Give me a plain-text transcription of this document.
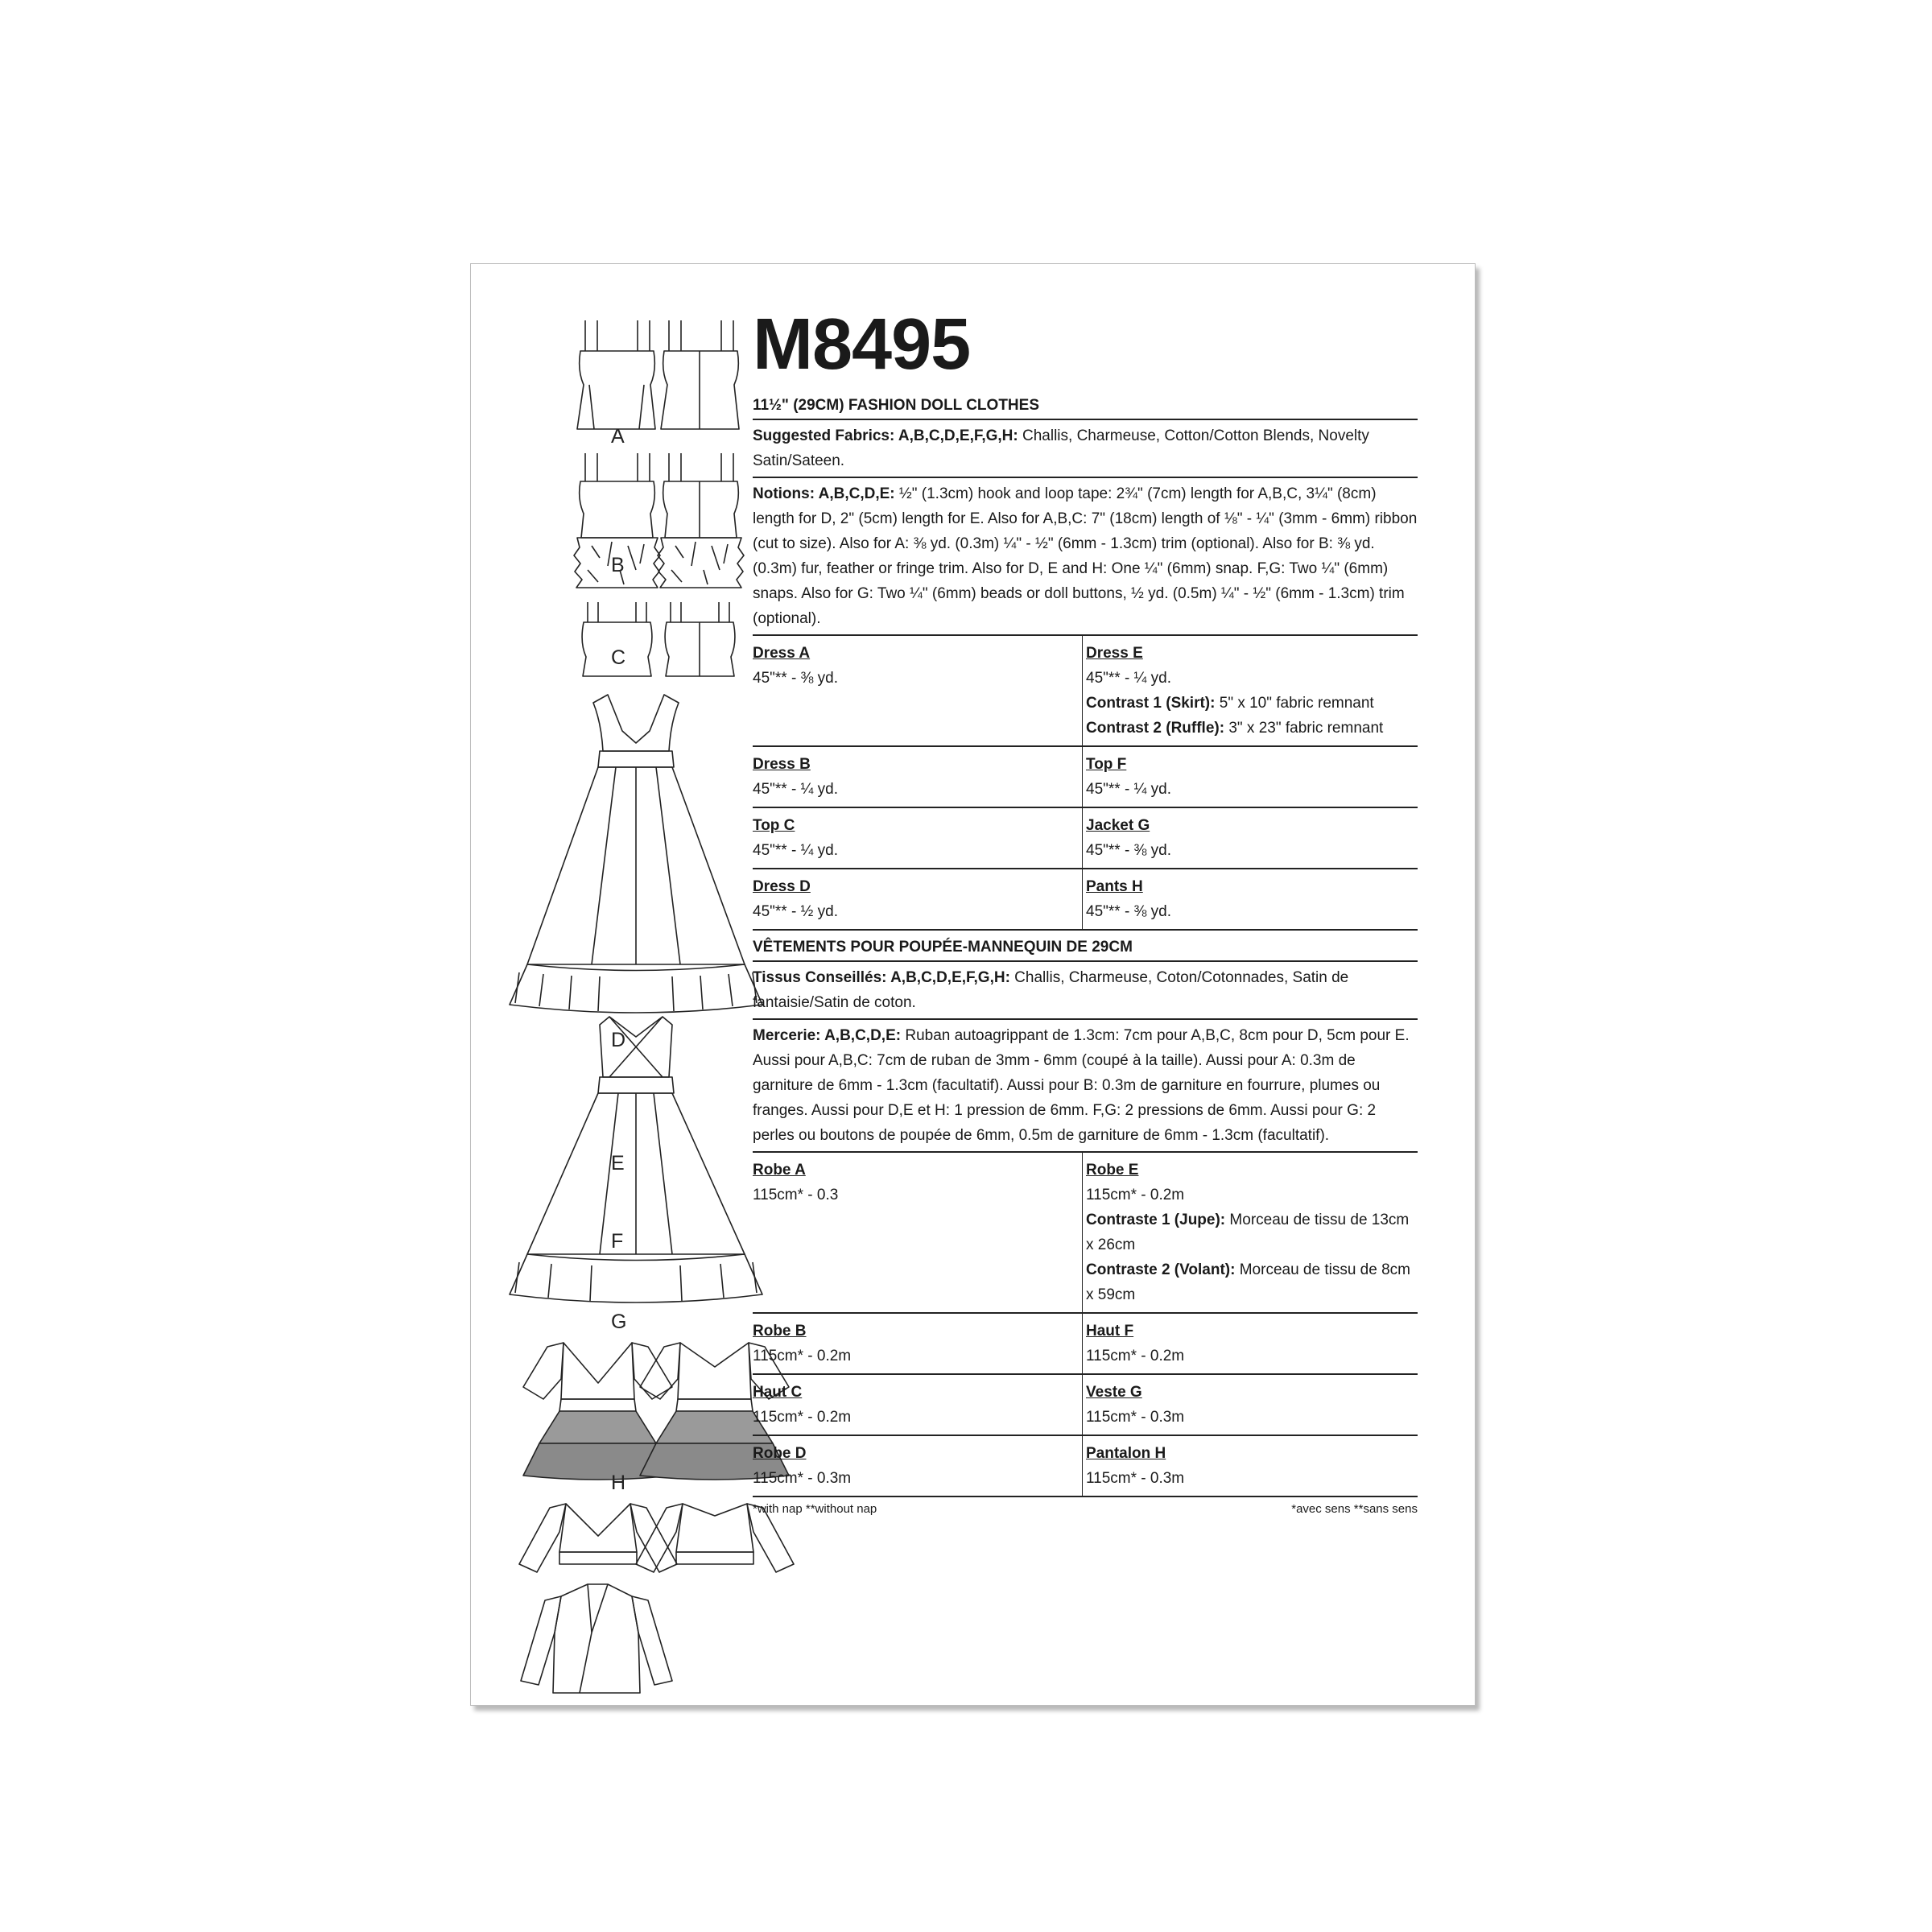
A
B
C
D
E
F
G
H
M8495
11½" (29CM) FASHION DOLL CLOTHES
Suggested Fabrics: A,B,C,D,E,F,G,H: Challis, Charmeuse, Cotton/Cotton Blends, Novelty Satin/Sateen.
Notions: A,B,C,D,E: ½" (1.3cm) hook and loop tape: 2¾" (7cm) length for A,B,C, 3¼" (8cm) length for D, 2" (5cm) length for E. Also for A,B,C: 7" (18cm) length of ⅛" - ¼" (3mm - 6mm) ribbon (cut to size). Also for A: ⅜ yd. (0.3m) ¼" - ½" (6mm - 1.3cm) trim (optional). Also for B: ⅜ yd. (0.3m) fur, feather or fringe trim. Also for D, E and H: One ¼" (6mm) snap. F,G: Two ¼" (6mm) snaps. Also for G: Two ¼" (6mm) beads or doll buttons, ½ yd. (0.5m) ¼" - ½" (6mm - 1.3cm) trim (optional).
Dress A
45"** - ⅜ yd.
Dress E
45"** - ¼ yd.
Contrast 1 (Skirt): 5" x 10" fabric remnant
Contrast 2 (Ruffle): 3" x 23" fabric remnant
Dress B
45"** - ¼ yd.
Top F
45"** - ¼ yd.
Top C
45"** - ¼ yd.
Jacket G
45"** - ⅜ yd.
Dress D
45"** - ½ yd.
Pants H
45"** - ⅜ yd.
VÊTEMENTS POUR POUPÉE-MANNEQUIN DE 29CM
Tissus Conseillés: A,B,C,D,E,F,G,H: Challis, Charmeuse, Coton/Cotonnades, Satin de fantaisie/Satin de coton.
Mercerie: A,B,C,D,E: Ruban autoagrippant de 1.3cm: 7cm pour A,B,C, 8cm pour D, 5cm pour E. Aussi pour A,B,C: 7cm de ruban de 3mm - 6mm (coupé à la taille). Aussi pour A: 0.3m de garniture de 6mm - 1.3cm (facultatif). Aussi pour B: 0.3m de garniture en fourrure, plumes ou franges. Aussi pour D,E et H: 1 pression de 6mm. F,G: 2 pressions de 6mm. Aussi pour G: 2 perles ou boutons de poupée de 6mm, 0.5m de garniture de 6mm - 1.3cm (facultatif).
Robe A
115cm* - 0.3
Robe E
115cm* - 0.2m
Contraste 1 (Jupe): Morceau de tissu de 13cm x 26cm
Contraste 2 (Volant): Morceau de tissu de 8cm x 59cm
Robe B
115cm* - 0.2m
Haut F
115cm* - 0.2m
Haut C
115cm* - 0.2m
Veste G
115cm* - 0.3m
Robe D
115cm* - 0.3m
Pantalon H
115cm* - 0.3m
*with nap **without nap	*avec sens **sans sens
